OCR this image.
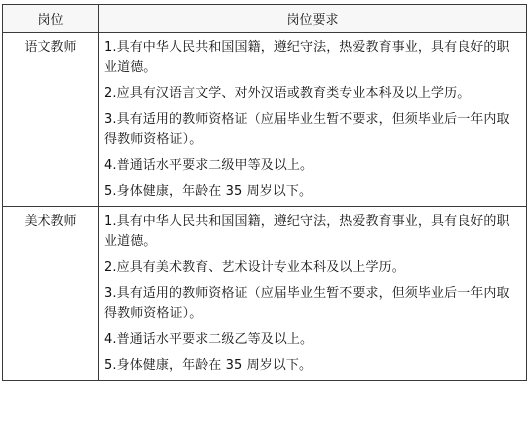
岗位	岗位要求

语文教师	1.具有中华人民共和国国籍，遵纪守法，热爱教育事业，具有良好的职业道德。
2.应具有汉语言文学、对外汉语或教育类专业本科及以上学历。
3.具有适用的教师资格证（应届毕业生暂不要求，但须毕业后一年内取得教师资格证）。
4.普通话水平要求二级甲等及以上。
5.身体健康，年龄在 35 周岁以下。

美术教师	1.具有中华人民共和国国籍，遵纪守法，热爱教育事业，具有良好的职业道德。
2.应具有美术教育、艺术设计专业本科及以上学历。
3.具有适用的教师资格证（应届毕业生暂不要求，但须毕业后一年内取得教师资格证）。
4.普通话水平要求二级乙等及以上。
5.身体健康，年龄在 35 周岁以下。
